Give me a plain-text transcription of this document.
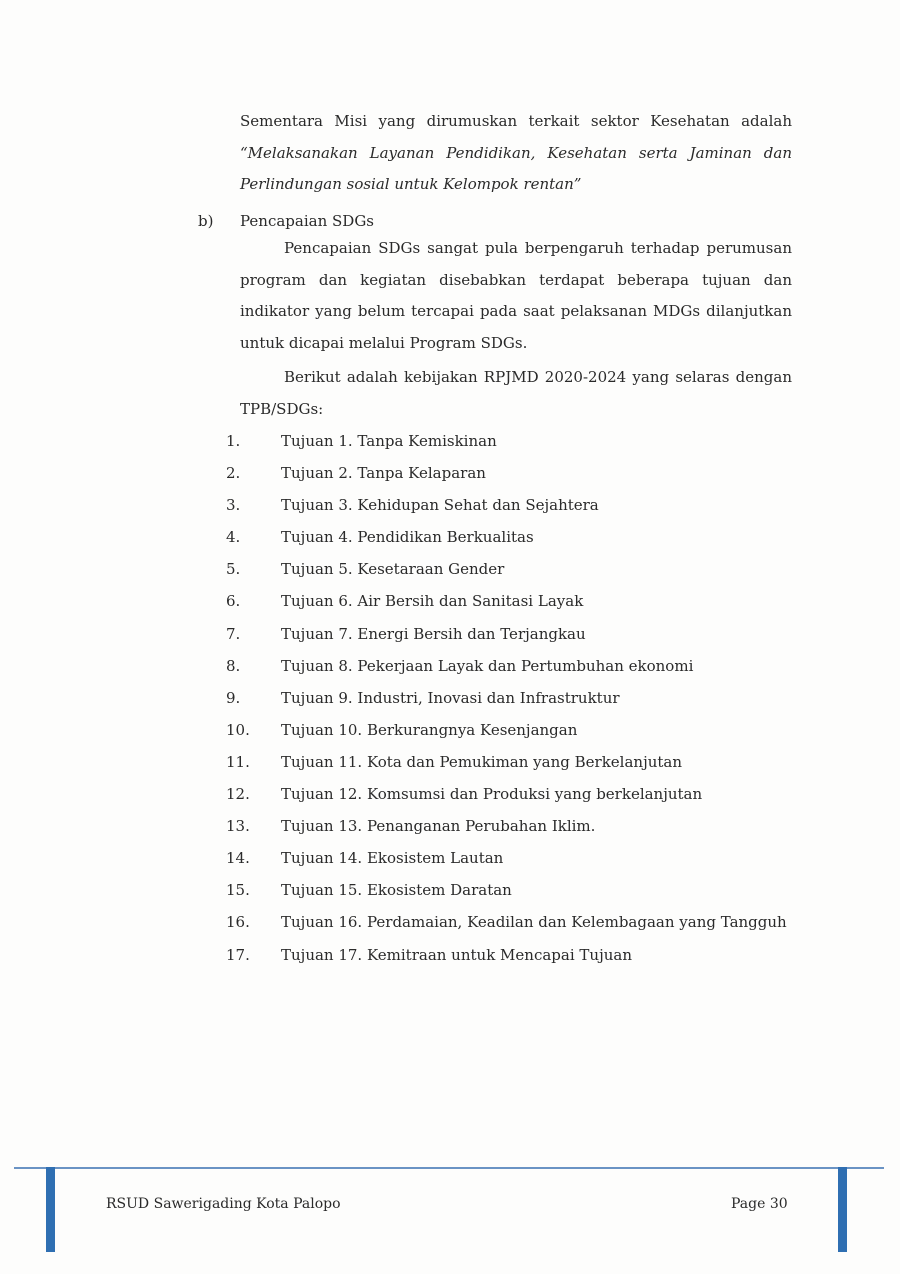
Sementara Misi yang dirumuskan terkait sektor Kesehatan adalah
“Melaksanakan Layanan Pendidikan, Kesehatan serta Jaminan dan
Perlindungan sosial untuk Kelompok rentan”

b) Pencapaian SDGs

Pencapaian SDGs sangat pula berpengaruh terhadap perumusan
program dan kegiatan disebabkan terdapat beberapa tujuan dan
indikator yang belum tercapai pada saat pelaksanan MDGs dilanjutkan
untuk dicapai melalui Program SDGs.

Berikut adalah kebijakan RPJMD 2020-2024 yang selaras dengan
TPB/SDGs:

1.	Tujuan 1. Tanpa Kemiskinan
2.	Tujuan 2. Tanpa Kelaparan
3.	Tujuan 3. Kehidupan Sehat dan Sejahtera
4.	Tujuan 4. Pendidikan Berkualitas
5.	Tujuan 5. Kesetaraan Gender
6.	Tujuan 6. Air Bersih dan Sanitasi Layak
7.	Tujuan 7. Energi Bersih dan Terjangkau
8.	Tujuan 8. Pekerjaan Layak dan Pertumbuhan ekonomi
9.	Tujuan 9. Industri, Inovasi dan Infrastruktur
10. Tujuan 10. Berkurangnya Kesenjangan
11. Tujuan 11. Kota dan Pemukiman yang Berkelanjutan
12. Tujuan 12. Komsumsi dan Produksi yang berkelanjutan
13. Tujuan 13. Penanganan Perubahan Iklim.
14. Tujuan 14. Ekosistem Lautan
15. Tujuan 15. Ekosistem Daratan
16. Tujuan 16. Perdamaian, Keadilan dan Kelembagaan yang Tangguh
17. Tujuan 17. Kemitraan untuk Mencapai Tujuan
RSUD Sawerigading Kota Palopo	Page 30
